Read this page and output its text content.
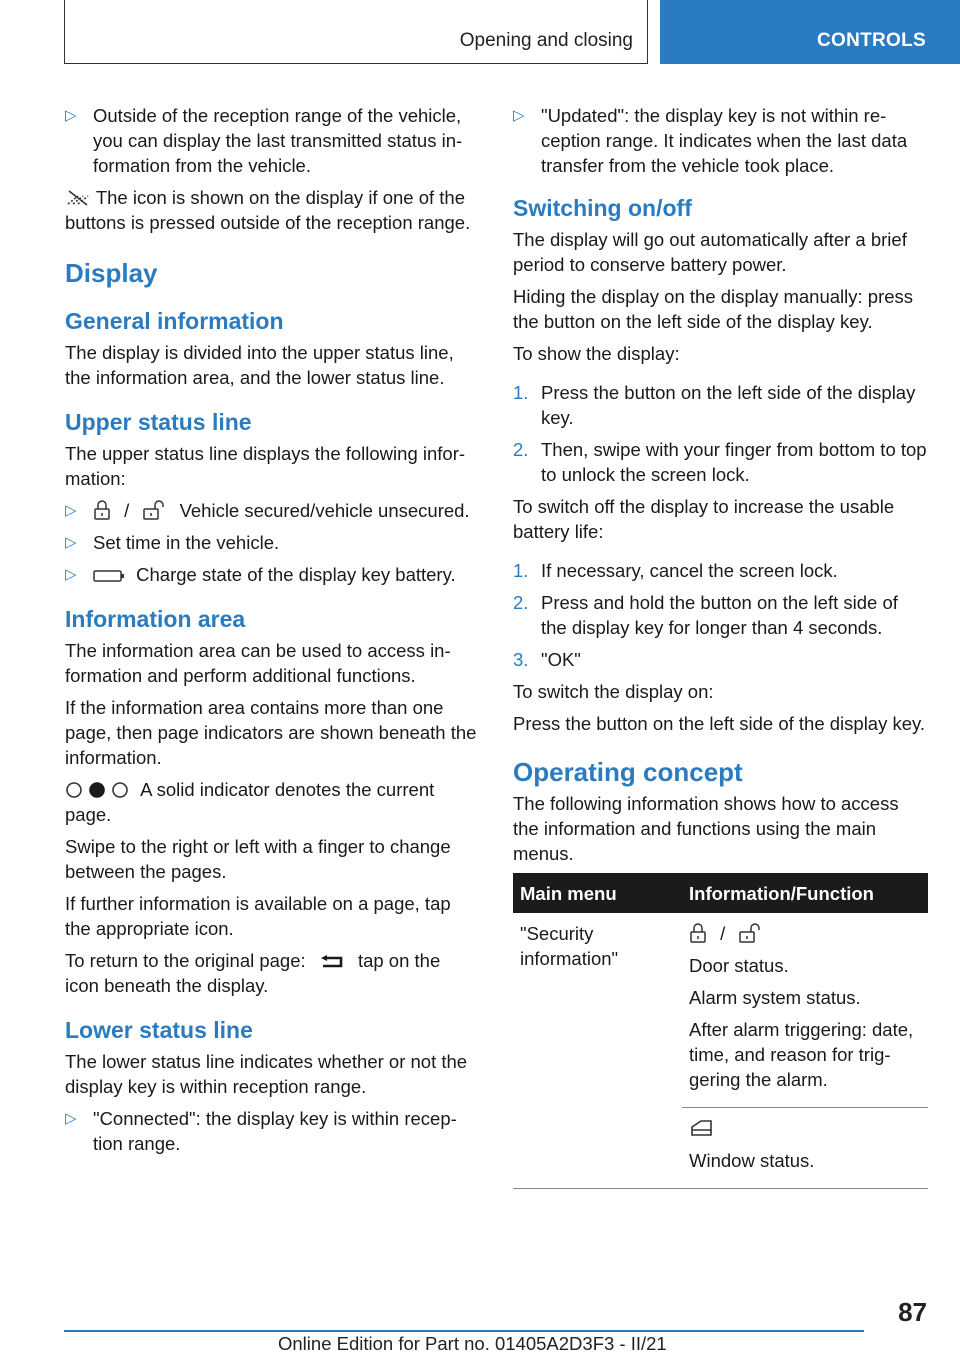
Opening and closing	CONTROLS
▷ Outside of the reception range of the vehicle, you can display the last transmitted status information from the vehicle.

The icon is shown on the display if one of the buttons is pressed outside of the reception range.

Display
General information

The display is divided into the upper status line, the information area, and the lower status line.

Upper status line

The upper status line displays the following information:

▷	/	Vehicle secured/vehicle unsecured.
▷ Set time in the vehicle.
▷	Charge state of the display key battery.
Information area

The information area can be used to access information and perform additional functions.

If the information area contains more than one page, then page indicators are shown beneath the information.

A solid indicator denotes the current page.

Swipe to the right or left with a finger to change between the pages.

If further information is available on a page, tap the appropriate icon.

To return to the original page:	tap on the icon beneath the display.

Lower status line

The lower status line indicates whether or not the display key is within reception range.

▷ "Connected": the display key is within reception range.
▷ "Updated": the display key is not within reception range. It indicates when the last data transfer from the vehicle took place.
Switching on/off

The display will go out automatically after a brief period to conserve battery power.

Hiding the display on the display manually: press the button on the left side of the display key.

To show the display:

1. Press the button on the left side of the display key.
2. Then, swipe with your finger from bottom to top to unlock the screen lock.

To switch off the display to increase the usable battery life:

1. If necessary, cancel the screen lock.
2. Press and hold the button on the left side of the display key for longer than 4 seconds.
3. "OK"

To switch the display on:

Press the button on the left side of the display key.

Operating concept

The following information shows how to access the information and functions using the main menus.

Main menu	Information/Function
"Security information"	/

Door status.

Alarm system status.

After alarm triggering: date, time, and reason for triggering the alarm.

	Window status.

87
Online Edition for Part no. 01405A2D3F3 - II/21
